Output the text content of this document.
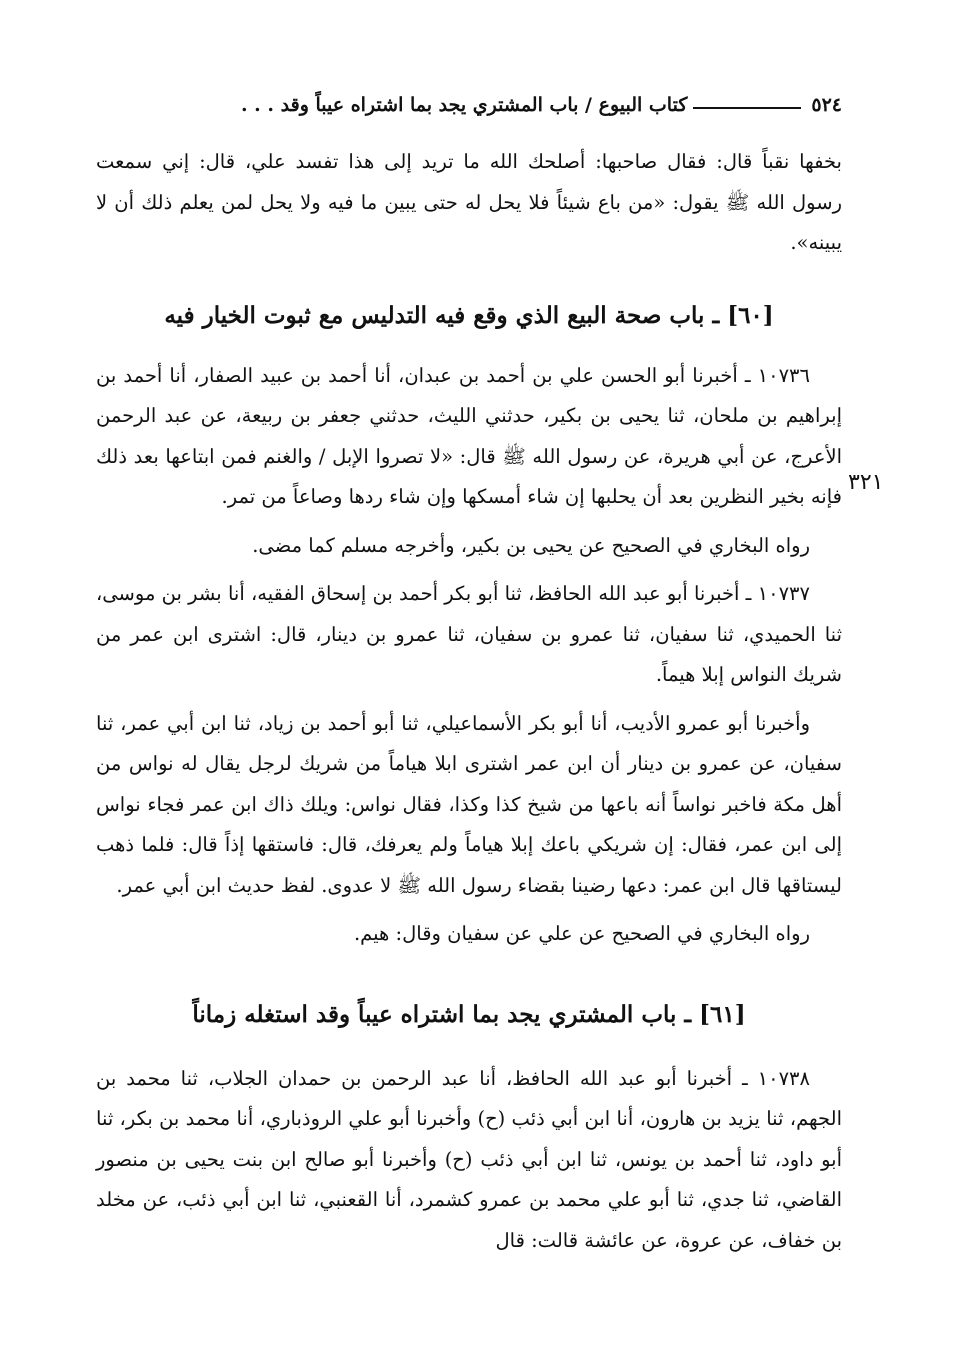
٥٢٤
كتاب البيوع / باب المشتري يجد بما اشتراه عيباً وقد . . .
٣٢١

بخفها نقباً قال: فقال صاحبها: أصلحك الله ما تريد إلى هذا تفسد علي، قال: إني سمعت رسول الله ﷺ يقول: «من باع شيئاً فلا يحل له حتى يبين ما فيه ولا يحل لمن يعلم ذلك أن لا يبينه».

[٦٠] ـ باب صحة البيع الذي وقع فيه التدليس مع ثبوت الخيار فيه

١٠٧٣٦ ـ أخبرنا أبو الحسن علي بن أحمد بن عبدان، أنا أحمد بن عبيد الصفار، أنا أحمد بن إبراهيم بن ملحان، ثنا يحيى بن بكير، حدثني الليث، حدثني جعفر بن ربيعة، عن عبد الرحمن الأعرج، عن أبي هريرة، عن رسول الله ﷺ قال: «لا تصروا الإبل / والغنم فمن ابتاعها بعد ذلك فإنه بخير النظرين بعد أن يحلبها إن شاء أمسكها وإن شاء ردها وصاعاً من تمر.

رواه البخاري في الصحيح عن يحيى بن بكير، وأخرجه مسلم كما مضى.

١٠٧٣٧ ـ أخبرنا أبو عبد الله الحافظ، ثنا أبو بكر أحمد بن إسحاق الفقيه، أنا بشر بن موسى، ثنا الحميدي، ثنا سفيان، ثنا عمرو بن سفيان، ثنا عمرو بن دينار، قال: اشترى ابن عمر من شريك النواس إبلا هيماً.

وأخبرنا أبو عمرو الأديب، أنا أبو بكر الأسماعيلي، ثنا أبو أحمد بن زياد، ثنا ابن أبي عمر، ثنا سفيان، عن عمرو بن دينار أن ابن عمر اشترى ابلا هياماً من شريك لرجل يقال له نواس من أهل مكة فاخبر نواساً أنه باعها من شيخ كذا وكذا، فقال نواس: ويلك ذاك ابن عمر فجاء نواس إلى ابن عمر، فقال: إن شريكي باعك إبلا هياماً ولم يعرفك، قال: فاستقها إذاً قال: فلما ذهب ليستاقها قال ابن عمر: دعها رضينا بقضاء رسول الله ﷺ لا عدوى. لفظ حديث ابن أبي عمر.

رواه البخاري في الصحيح عن علي عن سفيان وقال: هيم.

[٦١] ـ باب المشتري يجد بما اشتراه عيباً وقد استغله زماناً

١٠٧٣٨ ـ أخبرنا أبو عبد الله الحافظ، أنا عبد الرحمن بن حمدان الجلاب، ثنا محمد بن الجهم، ثنا يزيد بن هارون، أنا ابن أبي ذئب (ح) وأخبرنا أبو علي الروذباري، أنا محمد بن بكر، ثنا أبو داود، ثنا أحمد بن يونس، ثنا ابن أبي ذئب (ح) وأخبرنا أبو صالح ابن بنت يحيى بن منصور القاضي، ثنا جدي، ثنا أبو علي محمد بن عمرو كشمرد، أنا القعنبي، ثنا ابن أبي ذئب، عن مخلد بن خفاف، عن عروة، عن عائشة قالت: قال
